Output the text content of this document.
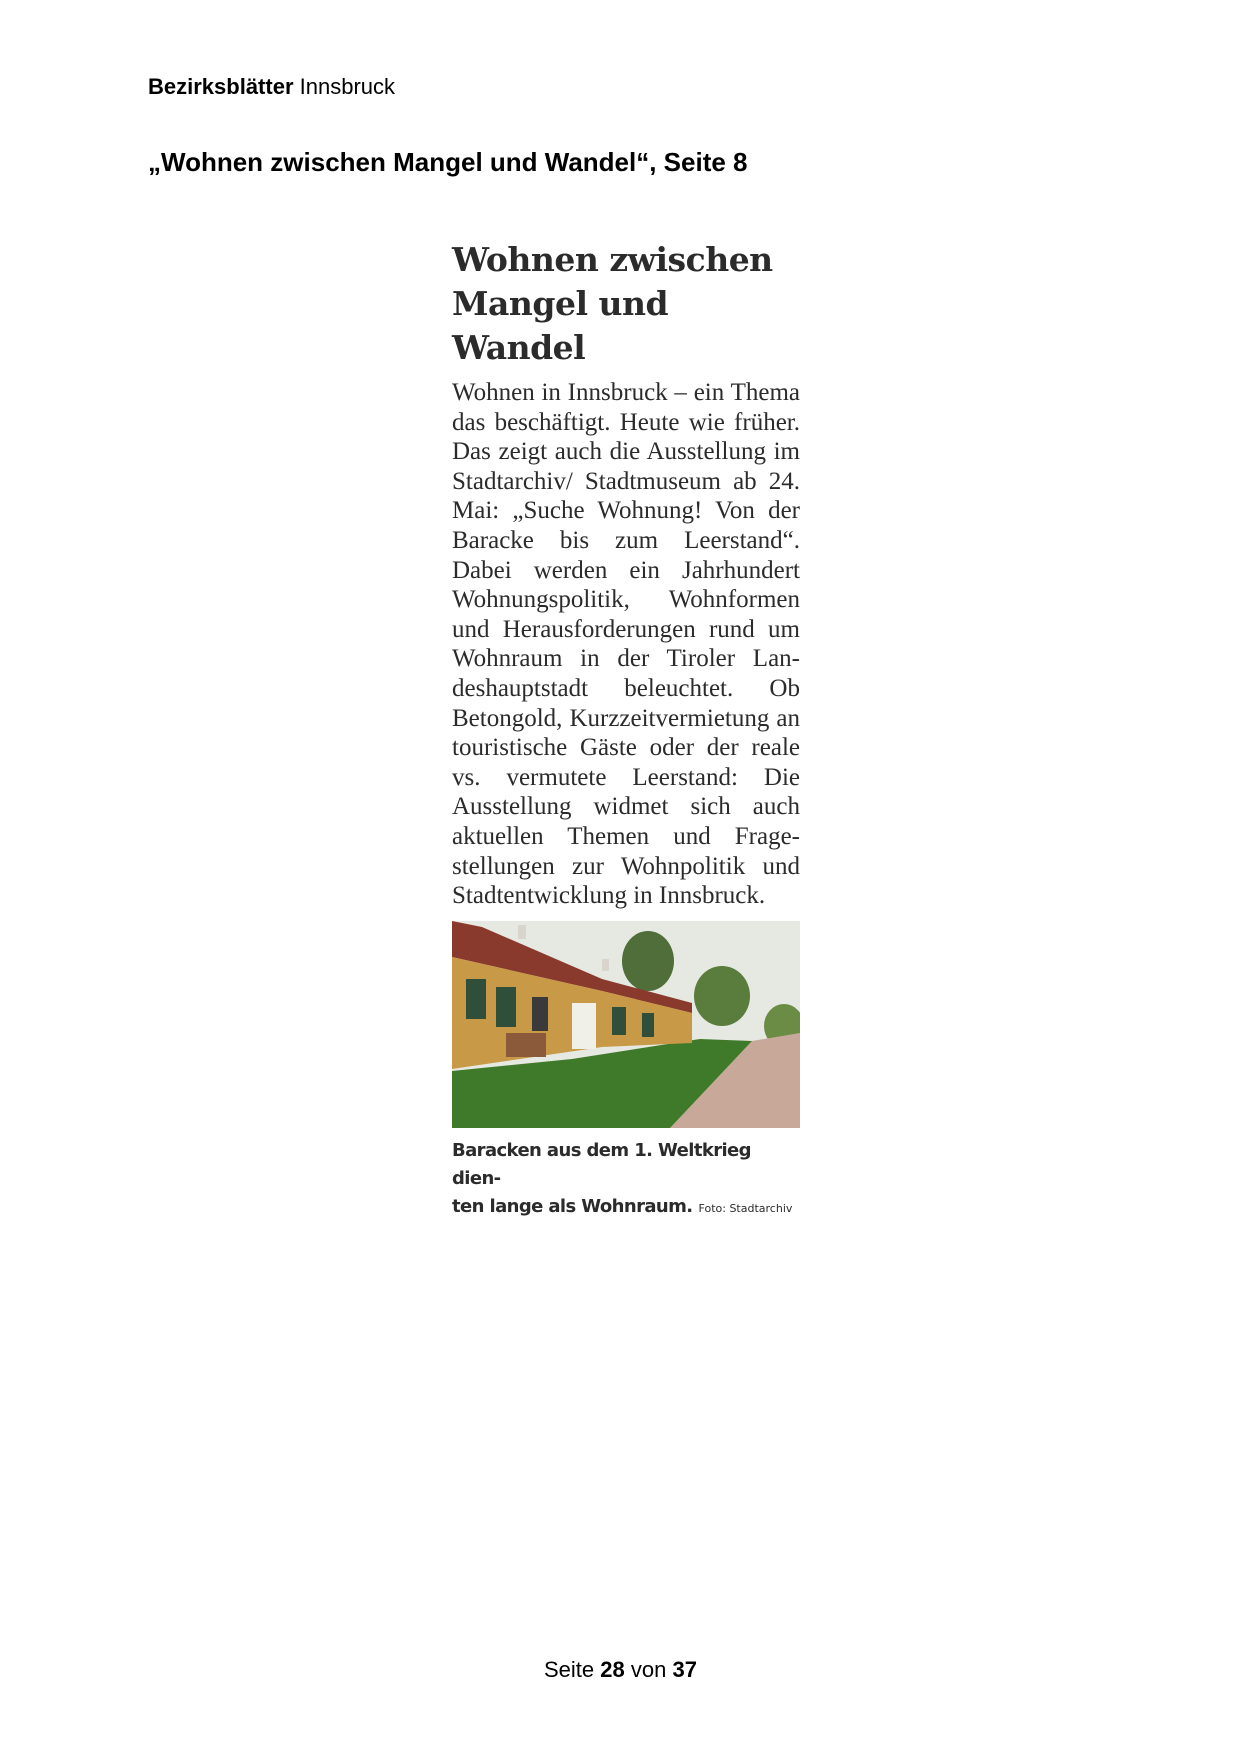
Bezirksblätter Innsbruck
„Wohnen zwischen Mangel und Wandel“, Seite 8
Wohnen zwischen
Mangel und Wandel
Wohnen in Innsbruck – ein Thema das beschäftigt. Heute wie früher. Das zeigt auch die Ausstellung im Stadtarchiv/ Stadtmuseum ab 24. Mai: „Suche Wohnung! Von der Baracke bis zum Leerstand“. Dabei werden ein Jahrhundert Wohnungspolitik, Wohnformen und Herausforderungen rund um Wohnraum in der Tiroler Landeshauptstadt beleuchtet. Ob Betongold, Kurzzeitvermietung an touristische Gäste oder der reale vs. vermutete Leerstand: Die Ausstellung widmet sich auch aktuellen Themen und Fragestellungen zur Wohnpolitik und Stadtentwicklung in Innsbruck.
Baracken aus dem 1. Weltkrieg dien-
ten lange als Wohnraum. Foto: Stadtarchiv
Seite 28 von 37
